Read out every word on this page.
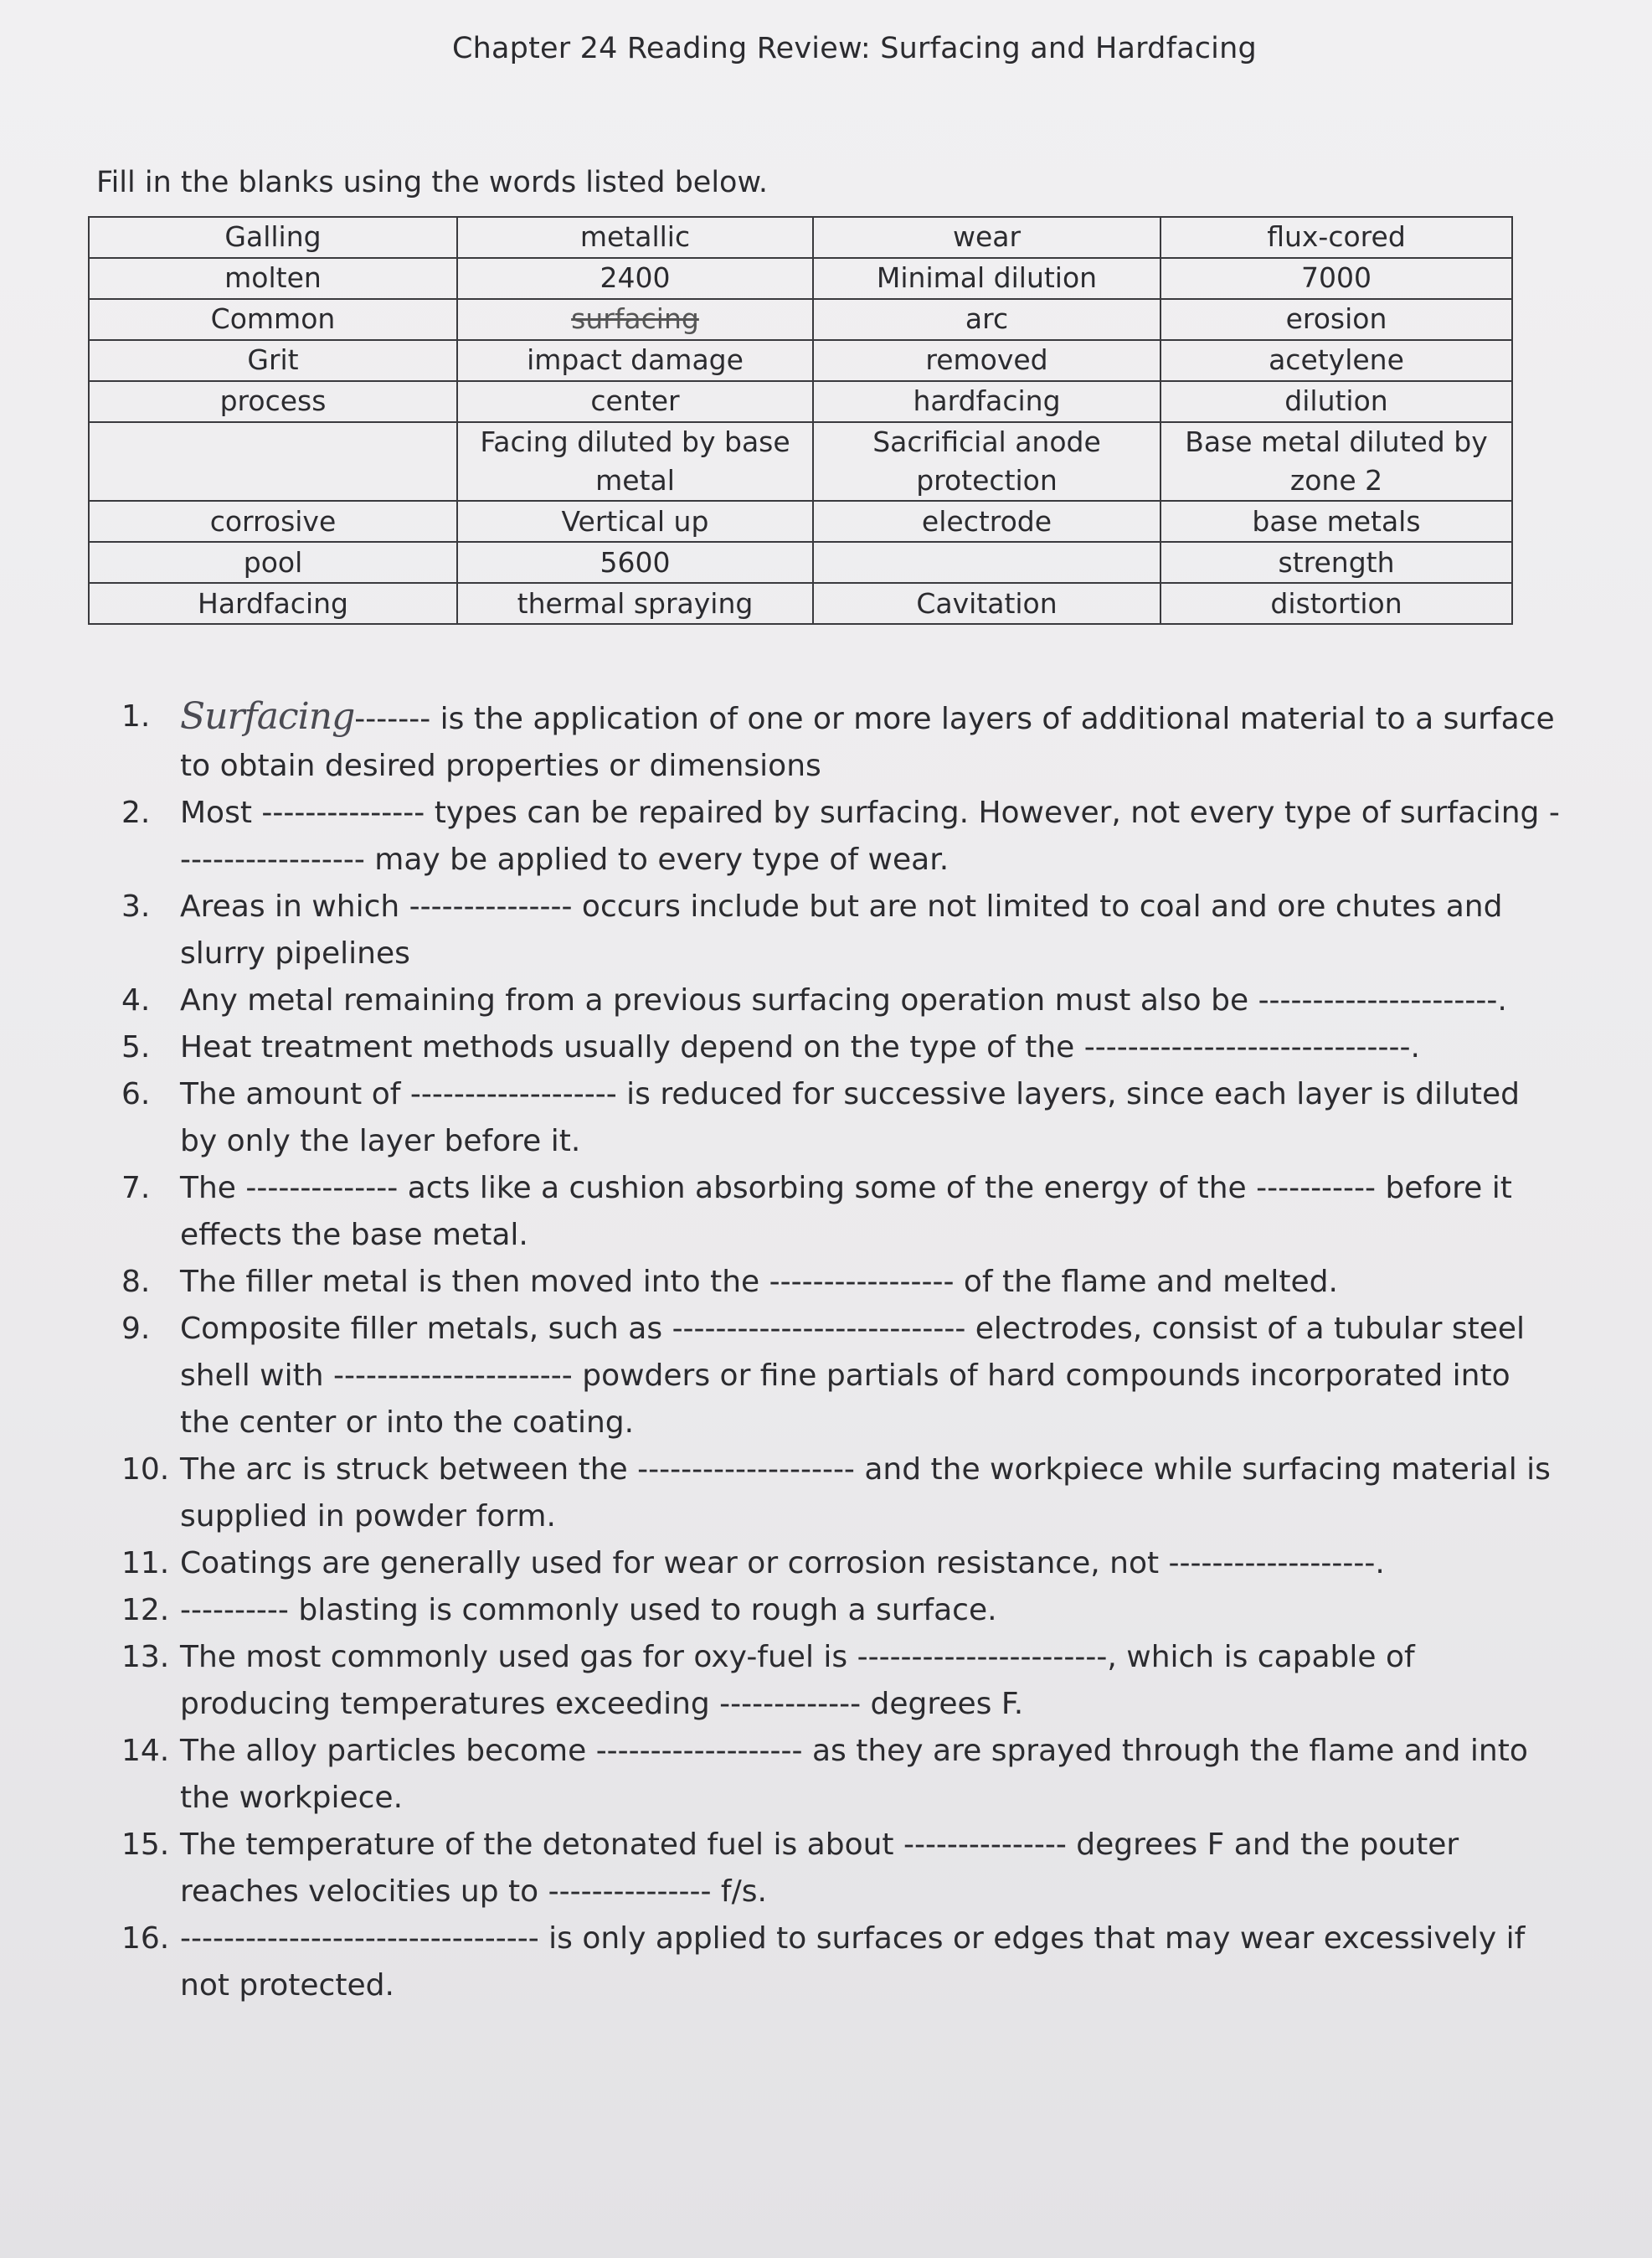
Chapter 24 Reading Review: Surfacing and Hardfacing
Fill in the blanks using the words listed below.
Galling	metallic	wear	flux-cored
molten	2400	Minimal dilution	7000
Common	surfacing	arc	erosion
Grit	impact damage	removed	acetylene
process	center	hardfacing	dilution
	Facing diluted by base metal	Sacrificial anode protection	Base metal diluted by zone 2
corrosive	Vertical up	electrode	base metals
pool	5600		strength
Hardfacing	thermal spraying	Cavitation	distortion
1. Surfacing------- is the application of one or more layers of additional material to a surface to obtain desired properties or dimensions
2. Most --------------- types can be repaired by surfacing. However, not every type of surfacing ------------------ may be applied to every type of wear.
3. Areas in which --------------- occurs include but are not limited to coal and ore chutes and slurry pipelines
4. Any metal remaining from a previous surfacing operation must also be ----------------------.
5. Heat treatment methods usually depend on the type of the ------------------------------.
6. The amount of ------------------- is reduced for successive layers, since each layer is diluted by only the layer before it.
7. The -------------- acts like a cushion absorbing some of the energy of the ----------- before it effects the base metal.
8. The filler metal is then moved into the ----------------- of the flame and melted.
9. Composite filler metals, such as --------------------------- electrodes, consist of a tubular steel shell with ---------------------- powders or fine partials of hard compounds incorporated into the center or into the coating.
10. The arc is struck between the -------------------- and the workpiece while surfacing material is supplied in powder form.
11. Coatings are generally used for wear or corrosion resistance, not -------------------.
12. ---------- blasting is commonly used to rough a surface.
13. The most commonly used gas for oxy-fuel is -----------------------, which is capable of producing temperatures exceeding ------------- degrees F.
14. The alloy particles become ------------------- as they are sprayed through the flame and into the workpiece.
15. The temperature of the detonated fuel is about --------------- degrees F and the pouter reaches velocities up to --------------- f/s.
16. --------------------------------- is only applied to surfaces or edges that may wear excessively if not protected.
